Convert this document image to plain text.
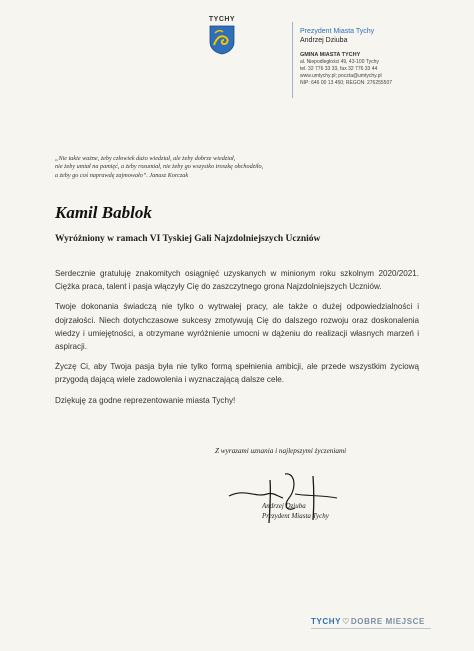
TYCHY
Prezydent Miasta Tychy
Andrzej Dziuba
GMINA MIASTA TYCHY
al. Niepodległości 49, 43-100 Tychy
tel. 32 776 33 33, fax 32 776 33 44
www.umtychy.pl; poczta@umtychy.pl
NIP: 646 00 13 450; REGON: 276255507
„Nie takie ważne, żeby człowiek dużo wiedział, ale żeby dobrze wiedział,
nie żeby umiał na pamięć, a żeby rozumiał, nie żeby go wszystko troszkę obchodziło,
a żeby go coś naprawdę zajmowało”. Janusz Korczak
Kamil Bablok
Wyróżniony w ramach VI Tyskiej Gali Najzdolniejszych Uczniów

Serdecznie gratuluję znakomitych osiągnięć uzyskanych w minionym roku szkolnym 2020/2021. Ciężka praca, talent i pasja włączyły Cię do zaszczytnego grona Najzdolniejszych Uczniów.

Twoje dokonania świadczą nie tylko o wytrwałej pracy, ale także o dużej odpowiedzialności i dojrzałości. Niech dotychczasowe sukcesy zmotywują Cię do dalszego rozwoju oraz doskonalenia wiedzy i umiejętności, a otrzymane wyróżnienie umocni w dążeniu do realizacji własnych marzeń i aspiracji.

Życzę Ci, aby Twoja pasja była nie tylko formą spełnienia ambicji, ale przede wszystkim życiową przygodą dającą wiele zadowolenia i wyznaczającą dalsze cele.

Dziękuję za godne reprezentowanie miasta Tychy!

Z wyrazami uznania i najlepszymi życzeniami
Andrzej Dziuba
Prezydent Miasta Tychy
TYCHY♡DOBRE MIEJSCE
